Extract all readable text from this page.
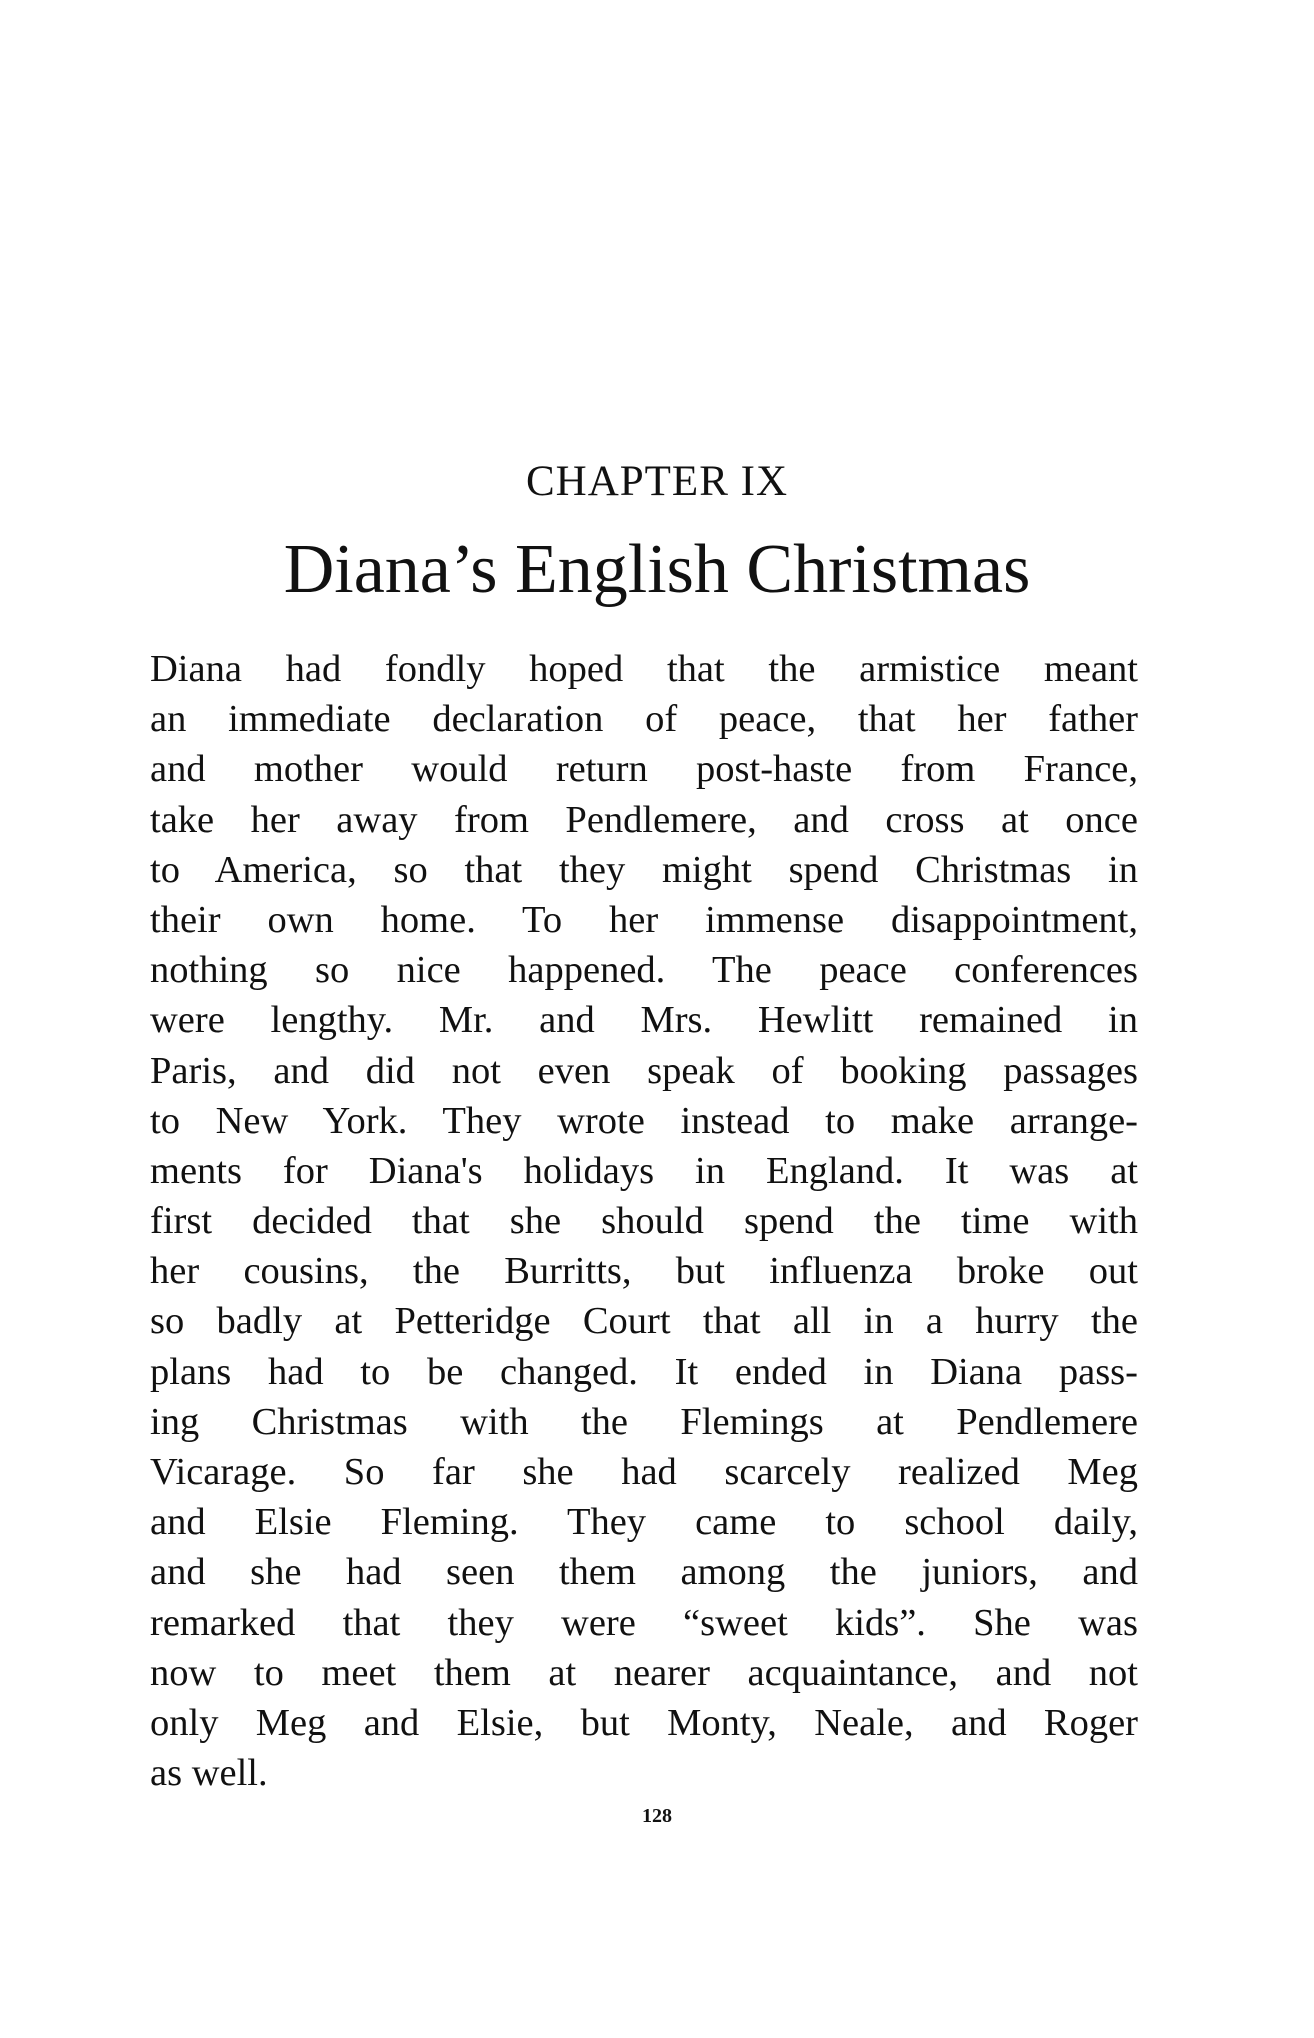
CHAPTER IX
Diana’s English Christmas
Diana had fondly hoped that the armistice meant
an immediate declaration of peace, that her father
and mother would return post-haste from France,
take her away from Pendlemere, and cross at once
to America, so that they might spend Christmas in
their own home. To her immense disappointment,
nothing so nice happened. The peace conferences
were lengthy. Mr. and Mrs. Hewlitt remained in
Paris, and did not even speak of booking passages
to New York. They wrote instead to make arrange-
ments for Diana's holidays in England. It was at
first decided that she should spend the time with
her cousins, the Burritts, but influenza broke out
so badly at Petteridge Court that all in a hurry the
plans had to be changed. It ended in Diana pass-
ing Christmas with the Flemings at Pendlemere
Vicarage. So far she had scarcely realized Meg
and Elsie Fleming. They came to school daily,
and she had seen them among the juniors, and
remarked that they were “sweet kids”. She was
now to meet them at nearer acquaintance, and not
only Meg and Elsie, but Monty, Neale, and Roger
as well.
128
